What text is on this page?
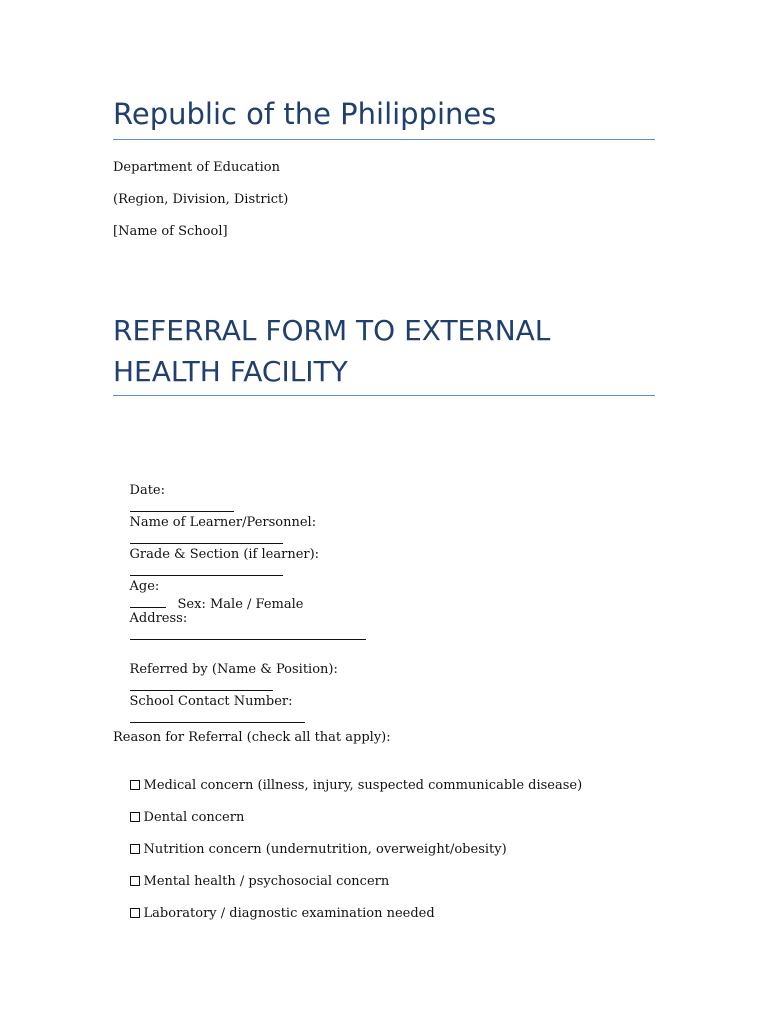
Republic of the Philippines

Department of Education

(Region, Division, District)

[Name of School]

REFERRAL FORM TO EXTERNAL HEALTH FACILITY

Date:

Name of Learner/Personnel:

Grade & Section (if learner):

Age:
Sex: Male / Female

Address:

Referred by (Name & Position):

School Contact Number:

Reason for Referral (check all that apply):

Medical concern (illness, injury, suspected communicable disease)

Dental concern

Nutrition concern (undernutrition, overweight/obesity)

Mental health / psychosocial concern

Laboratory / diagnostic examination needed
